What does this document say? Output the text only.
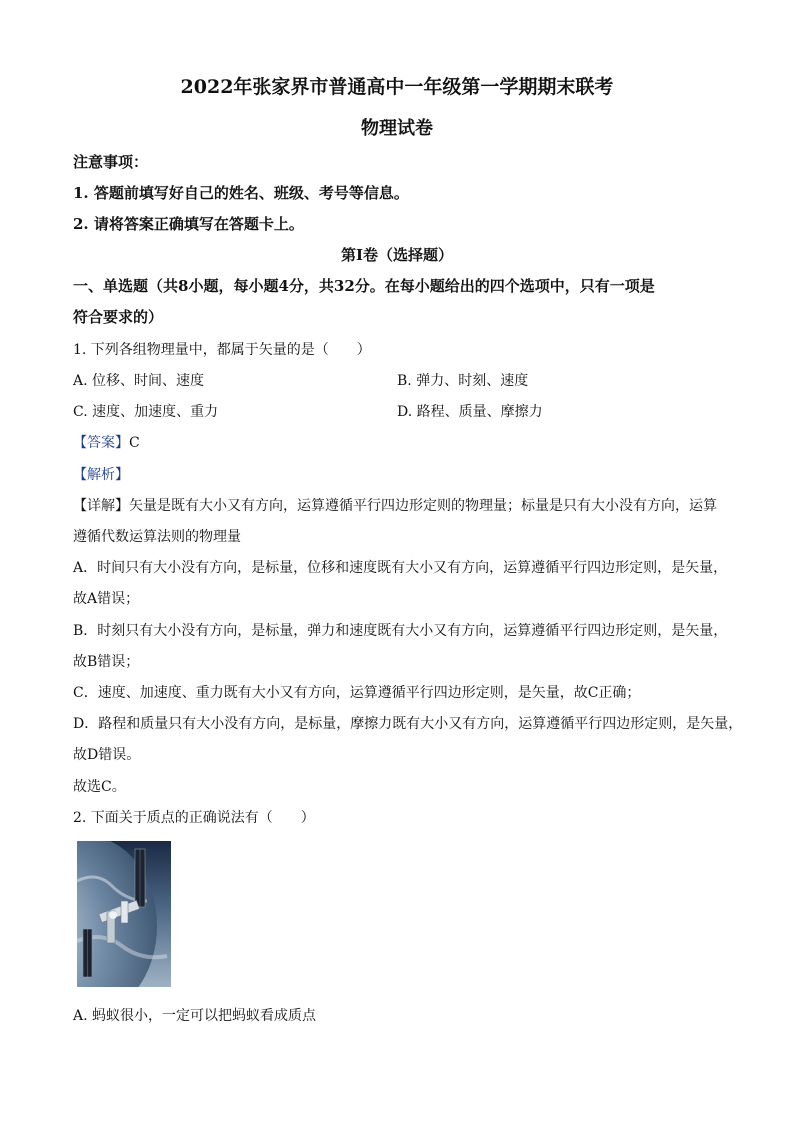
2022年张家界市普通高中一年级第一学期期末联考
物理试卷
注意事项：
1. 答题前填写好自己的姓名、班级、考号等信息。
2. 请将答案正确填写在答题卡上。
第I卷（选择题）
一、单选题（共8小题，每小题4分，共32分。在每小题给出的四个选项中，只有一项是
符合要求的）
1. 下列各组物理量中，都属于矢量的是（　　）
A. 位移、时间、速度	B. 弹力、时刻、速度
C. 速度、加速度、重力	D. 路程、质量、摩擦力
【答案】C
【解析】
【详解】矢量是既有大小又有方向，运算遵循平行四边形定则的物理量；标量是只有大小没有方向，运算
遵循代数运算法则的物理量
A．时间只有大小没有方向，是标量，位移和速度既有大小又有方向，运算遵循平行四边形定则，是矢量，
故A错误；
B．时刻只有大小没有方向，是标量，弹力和速度既有大小又有方向，运算遵循平行四边形定则，是矢量，
故B错误；
C．速度、加速度、重力既有大小又有方向，运算遵循平行四边形定则，是矢量，故C正确；
D．路程和质量只有大小没有方向，是标量，摩擦力既有大小又有方向，运算遵循平行四边形定则，是矢量，
故D错误。
故选C。
2. 下面关于质点的正确说法有（　　）
A. 蚂蚁很小，一定可以把蚂蚁看成质点
